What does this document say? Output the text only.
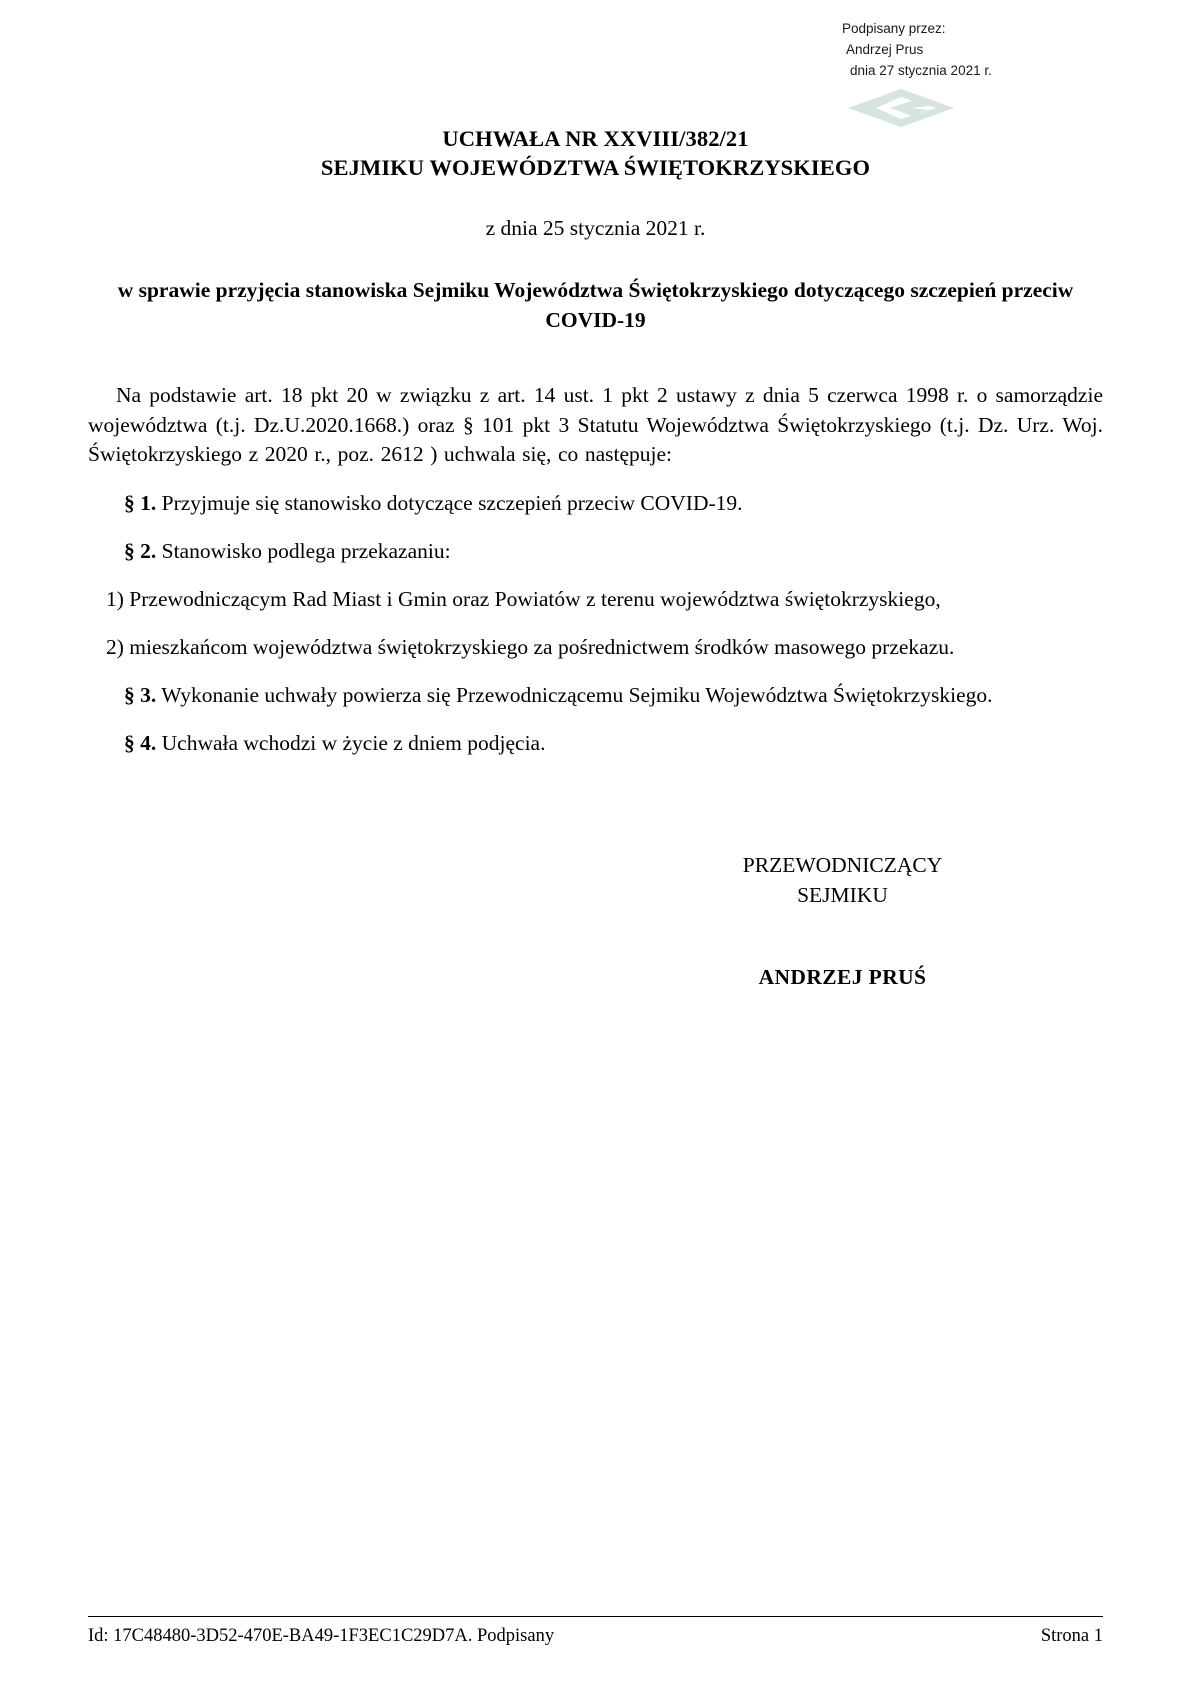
Podpisany przez:
Andrzej Prus
dnia 27 stycznia 2021 r.
UCHWAŁA NR XXVIII/382/21
SEJMIKU WOJEWÓDZTWA ŚWIĘTOKRZYSKIEGO
z dnia 25 stycznia 2021 r.
w sprawie przyjęcia stanowiska Sejmiku Województwa Świętokrzyskiego dotyczącego szczepień przeciw COVID-19
Na podstawie art. 18 pkt 20 w związku z art. 14 ust. 1 pkt 2 ustawy z dnia 5 czerwca 1998 r. o samorządzie województwa (t.j. Dz.U.2020.1668.) oraz § 101 pkt 3 Statutu Województwa Świętokrzyskiego (t.j. Dz. Urz. Woj. Świętokrzyskiego z 2020 r., poz. 2612 ) uchwala się, co następuje:
§ 1. Przyjmuje się stanowisko dotyczące szczepień przeciw COVID-19.
§ 2. Stanowisko podlega przekazaniu:
1) Przewodniczącym Rad Miast i Gmin oraz Powiatów z terenu województwa świętokrzyskiego,
2) mieszkańcom województwa świętokrzyskiego za pośrednictwem środków masowego przekazu.
§ 3. Wykonanie uchwały powierza się Przewodniczącemu Sejmiku Województwa Świętokrzyskiego.
§ 4. Uchwała wchodzi w życie z dniem podjęcia.
PRZEWODNICZĄCY
SEJMIKU
ANDRZEJ PRUŚ
Id: 17C48480-3D52-470E-BA49-1F3EC1C29D7A. Podpisany	Strona 1
